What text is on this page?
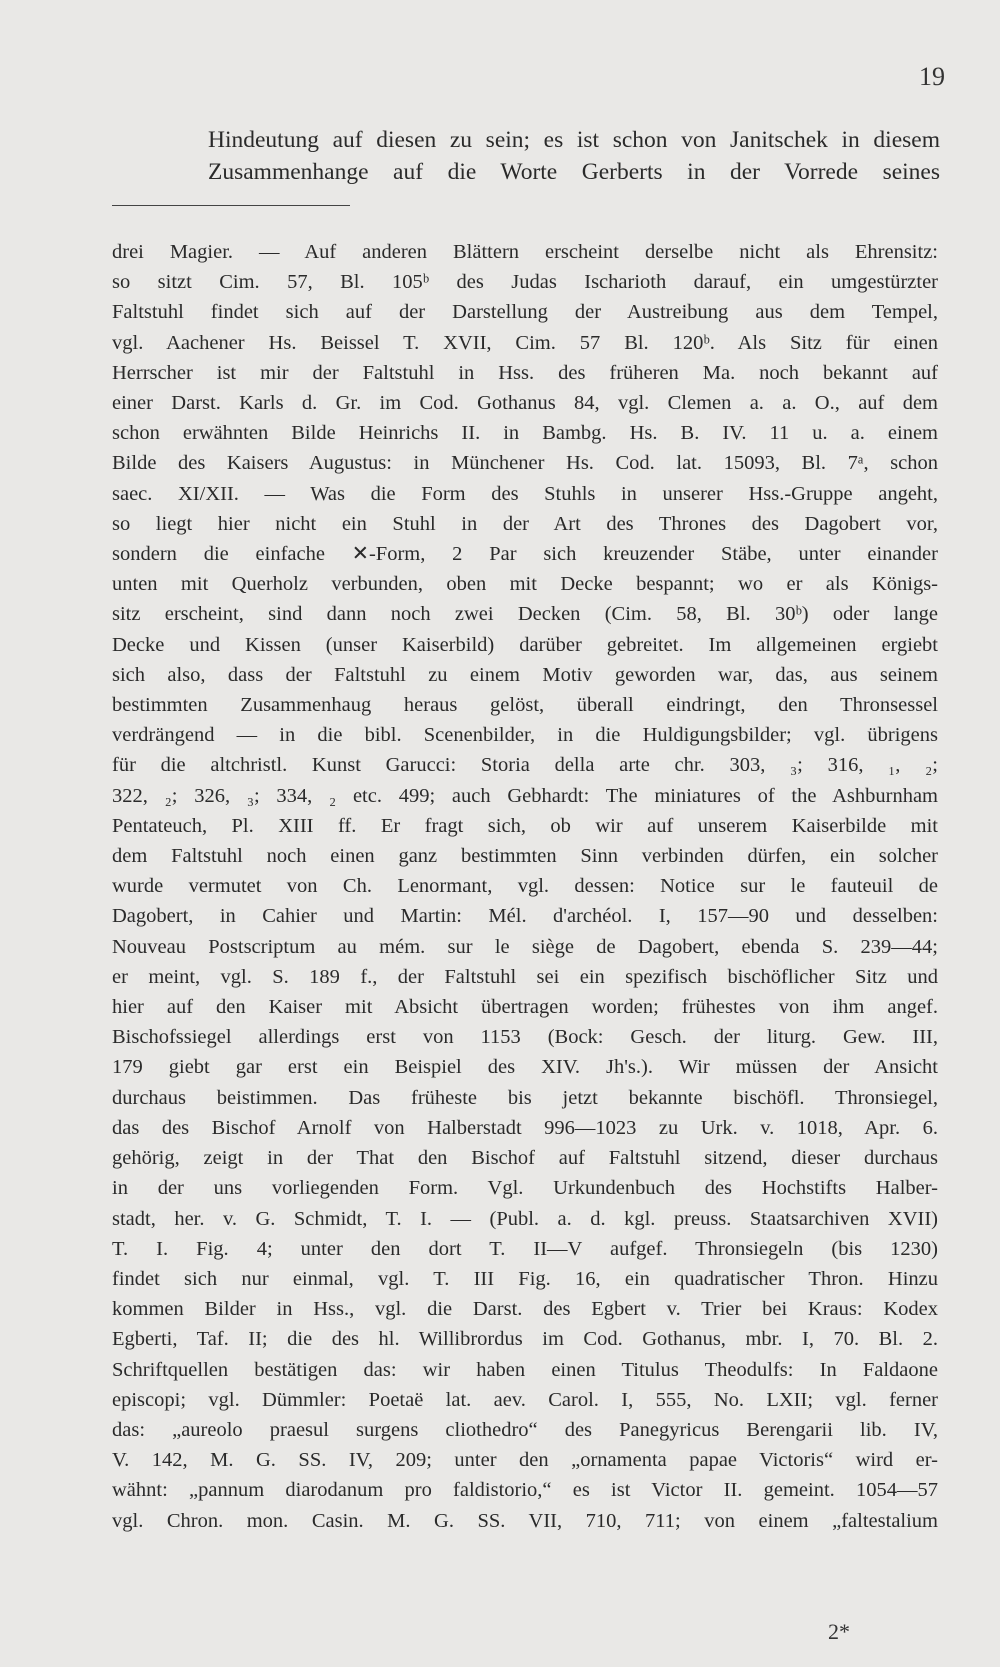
19
Hindeutung auf diesen zu sein; es ist schon von Janitschek in diesem
Zusammenhange auf die Worte Gerberts in der Vorrede seines
drei Magier. — Auf anderen Blättern erscheint derselbe nicht als Ehrensitz:
so sitzt Cim. 57, Bl. 105ᵇ des Judas Ischarioth darauf, ein umgestürzter
Faltstuhl findet sich auf der Darstellung der Austreibung aus dem Tempel,
vgl. Aachener Hs. Beissel T. XVII, Cim. 57 Bl. 120ᵇ. Als Sitz für einen
Herrscher ist mir der Faltstuhl in Hss. des früheren Ma. noch bekannt auf
einer Darst. Karls d. Gr. im Cod. Gothanus 84, vgl. Clemen a. a. O., auf dem
schon erwähnten Bilde Heinrichs II. in Bambg. Hs. B. IV. 11 u. a. einem
Bilde des Kaisers Augustus: in Münchener Hs. Cod. lat. 15093, Bl. 7ᵃ, schon
saec. XI/XII. — Was die Form des Stuhls in unserer Hss.-Gruppe angeht,
so liegt hier nicht ein Stuhl in der Art des Thrones des Dagobert vor,
sondern die einfache ✕-Form, 2 Par sich kreuzender Stäbe, unter einander
unten mit Querholz verbunden, oben mit Decke bespannt; wo er als Königs-
sitz erscheint, sind dann noch zwei Decken (Cim. 58, Bl. 30ᵇ) oder lange
Decke und Kissen (unser Kaiserbild) darüber gebreitet. Im allgemeinen ergiebt
sich also, dass der Faltstuhl zu einem Motiv geworden war, das, aus seinem
bestimmten Zusammenhaug heraus gelöst, überall eindringt, den Thronsessel
verdrängend — in die bibl. Scenenbilder, in die Huldigungsbilder; vgl. übrigens
für die altchristl. Kunst Garucci: Storia della arte chr. 303, ₃; 316, ₁, ₂;
322, ₂; 326, ₃; 334, ₂ etc. 499; auch Gebhardt: The miniatures of the Ashburnham
Pentateuch, Pl. XIII ff. Er fragt sich, ob wir auf unserem Kaiserbilde mit
dem Faltstuhl noch einen ganz bestimmten Sinn verbinden dürfen, ein solcher
wurde vermutet von Ch. Lenormant, vgl. dessen: Notice sur le fauteuil de
Dagobert, in Cahier und Martin: Mél. d'archéol. I, 157—90 und desselben:
Nouveau Postscriptum au mém. sur le siège de Dagobert, ebenda S. 239—44;
er meint, vgl. S. 189 f., der Faltstuhl sei ein spezifisch bischöflicher Sitz und
hier auf den Kaiser mit Absicht übertragen worden; frühestes von ihm angef.
Bischofssiegel allerdings erst von 1153 (Bock: Gesch. der liturg. Gew. III,
179 giebt gar erst ein Beispiel des XIV. Jh's.). Wir müssen der Ansicht
durchaus beistimmen. Das früheste bis jetzt bekannte bischöfl. Thronsiegel,
das des Bischof Arnolf von Halberstadt 996—1023 zu Urk. v. 1018, Apr. 6.
gehörig, zeigt in der That den Bischof auf Faltstuhl sitzend, dieser durchaus
in der uns vorliegenden Form. Vgl. Urkundenbuch des Hochstifts Halber-
stadt, her. v. G. Schmidt, T. I. — (Publ. a. d. kgl. preuss. Staatsarchiven XVII)
T. I. Fig. 4; unter den dort T. II—V aufgef. Thronsiegeln (bis 1230)
findet sich nur einmal, vgl. T. III Fig. 16, ein quadratischer Thron. Hinzu
kommen Bilder in Hss., vgl. die Darst. des Egbert v. Trier bei Kraus: Kodex
Egberti, Taf. II; die des hl. Willibrordus im Cod. Gothanus, mbr. I, 70. Bl. 2.
Schriftquellen bestätigen das: wir haben einen Titulus Theodulfs: In Faldaone
episcopi; vgl. Dümmler: Poetaë lat. aev. Carol. I, 555, No. LXII; vgl. ferner
das: „aureolo praesul surgens cliothedro“ des Panegyricus Berengarii lib. IV,
V. 142, M. G. SS. IV, 209; unter den „ornamenta papae Victoris“ wird er-
wähnt: „pannum diarodanum pro faldistorio,“ es ist Victor II. gemeint. 1054—57
vgl. Chron. mon. Casin. M. G. SS. VII, 710, 711; von einem „faltestalium
2*
